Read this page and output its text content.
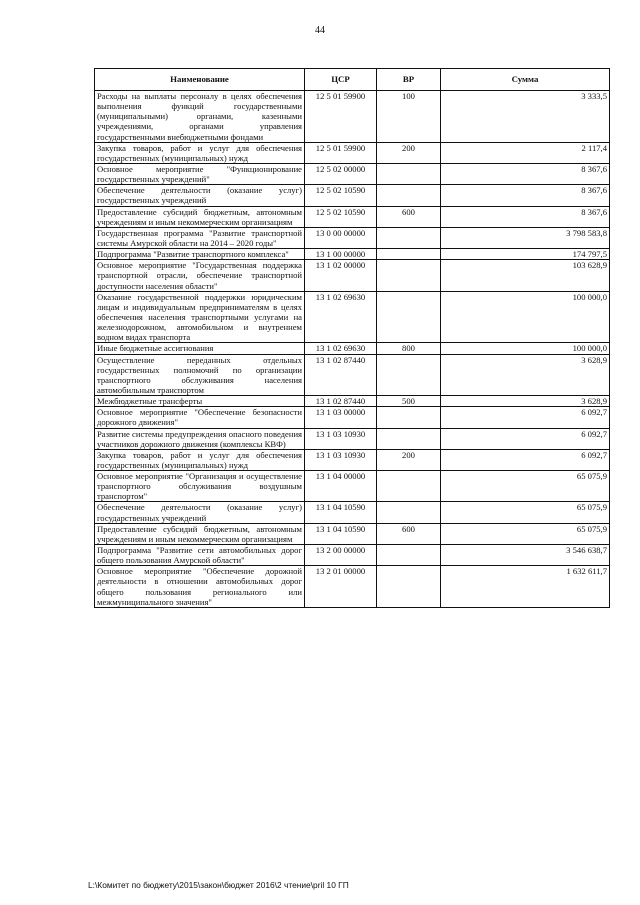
44
Наименование	ЦСР	ВР	Сумма
Расходы на выплаты персоналу в целях обеспечения выполнения функций государственными (муниципальными) органами, казенными учреждениями, органами управления государственными внебюджетными фондами	12 5 01 59900	100	3 333,5
Закупка товаров, работ и услуг для обеспечения государственных (муниципальных) нужд	12 5 01 59900	200	2 117,4
Основное мероприятие "Функционирование государственных учреждений"	12 5 02 00000		8 367,6
Обеспечение деятельности (оказание услуг) государственных учреждений	12 5 02 10590		8 367,6
Предоставление субсидий бюджетным, автономным учреждениям и иным некоммерческим организациям	12 5 02 10590	600	8 367,6
Государственная программа "Развитие транспортной системы Амурской области на 2014 – 2020 годы"	13 0 00 00000		3 798 583,8
Подпрограмма "Развитие транспортного комплекса"	13 1 00 00000		174 797,5
Основное мероприятие "Государственная поддержка транспортной отрасли, обеспечение транспортной доступности населения области"	13 1 02 00000		103 628,9
Оказание государственной поддержки юридическим лицам и индивидуальным предпринимателям в целях обеспечения населения транспортными услугами на железнодорожном, автомобильном и внутреннем водном видах транспорта	13 1 02 69630		100 000,0
Иные бюджетные ассигнования	13 1 02 69630	800	100 000,0
Осуществление переданных отдельных государственных полномочий по организации транспортного обслуживания населения автомобильным транспортом	13 1 02 87440		3 628,9
Межбюджетные трансферты	13 1 02 87440	500	3 628,9
Основное мероприятие "Обеспечение безопасности дорожного движения"	13 1 03 00000		6 092,7
Развитие системы предупреждения опасного поведения участников дорожного движения (комплексы КВФ)	13 1 03 10930		6 092,7
Закупка товаров, работ и услуг для обеспечения государственных (муниципальных) нужд	13 1 03 10930	200	6 092,7
Основное мероприятие "Организация и осуществление транспортного обслуживания воздушным транспортом"	13 1 04 00000		65 075,9
Обеспечение деятельности (оказание услуг) государственных учреждений	13 1 04 10590		65 075,9
Предоставление субсидий бюджетным, автономным учреждениям и иным некоммерческим организациям	13 1 04 10590	600	65 075,9
Подпрограмма "Развитие сети автомобильных дорог общего пользования Амурской области"	13 2 00 00000		3 546 638,7
Основное мероприятие "Обеспечение дорожной деятельности в отношении автомобильных дорог общего пользования регионального или межмуниципального значения"	13 2 01 00000		1 632 611,7
L:\Комитет по бюджету\2015\закон\бюджет 2016\2 чтение\pril 10 ГП
